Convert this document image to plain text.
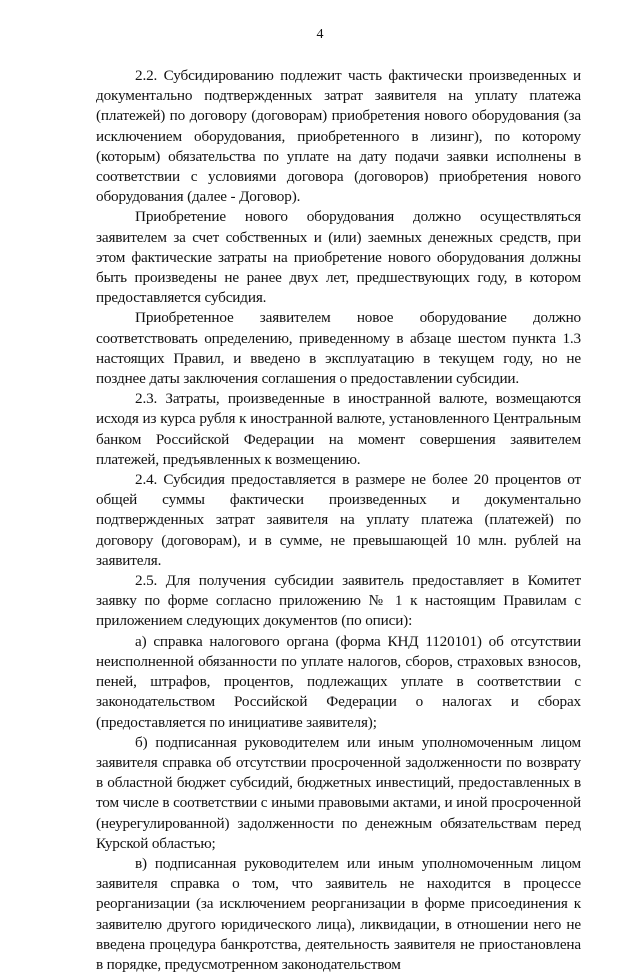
4

2.2. Субсидированию подлежит часть фактически произведенных и документально подтвержденных затрат заявителя на уплату платежа (платежей) по договору (договорам) приобретения нового оборудования (за исключением оборудования, приобретенного в лизинг), по которому (которым) обязательства по уплате на дату подачи заявки исполнены в соответствии с условиями договора (договоров) приобретения нового оборудования (далее - Договор).

Приобретение нового оборудования должно осуществляться заявителем за счет собственных и (или) заемных денежных средств, при этом фактические затраты на приобретение нового оборудования должны быть произведены не ранее двух лет, предшествующих году, в котором предоставляется субсидия.

Приобретенное заявителем новое оборудование должно соответствовать определению, приведенному в абзаце шестом пункта 1.3 настоящих Правил, и введено в эксплуатацию в текущем году, но не позднее даты заключения соглашения о предоставлении субсидии.

2.3. Затраты, произведенные в иностранной валюте, возмещаются исходя из курса рубля к иностранной валюте, установленного Центральным банком Российской Федерации на момент совершения заявителем платежей, предъявленных к возмещению.

2.4. Субсидия предоставляется в размере не более 20 процентов от общей суммы фактически произведенных и документально подтвержденных затрат заявителя на уплату платежа (платежей) по договору (договорам), и в сумме, не превышающей 10 млн. рублей на заявителя.

2.5. Для получения субсидии заявитель предоставляет в Комитет заявку по форме согласно приложению № 1 к настоящим Правилам с приложением следующих документов (по описи):

а) справка налогового органа (форма КНД 1120101) об отсутствии неисполненной обязанности по уплате налогов, сборов, страховых взносов, пеней, штрафов, процентов, подлежащих уплате в соответствии с законодательством Российской Федерации о налогах и сборах (предоставляется по инициативе заявителя);

б) подписанная руководителем или иным уполномоченным лицом заявителя справка об отсутствии просроченной задолженности по возврату в областной бюджет субсидий, бюджетных инвестиций, предоставленных в том числе в соответствии с иными правовыми актами, и иной просроченной (неурегулированной) задолженности по денежным обязательствам перед Курской областью;

в) подписанная руководителем или иным уполномоченным лицом заявителя справка о том, что заявитель не находится в процессе реорганизации (за исключением реорганизации в форме присоединения к заявителю другого юридического лица), ликвидации, в отношении него не введена процедура банкротства, деятельность заявителя не приостановлена в порядке, предусмотренном законодательством
